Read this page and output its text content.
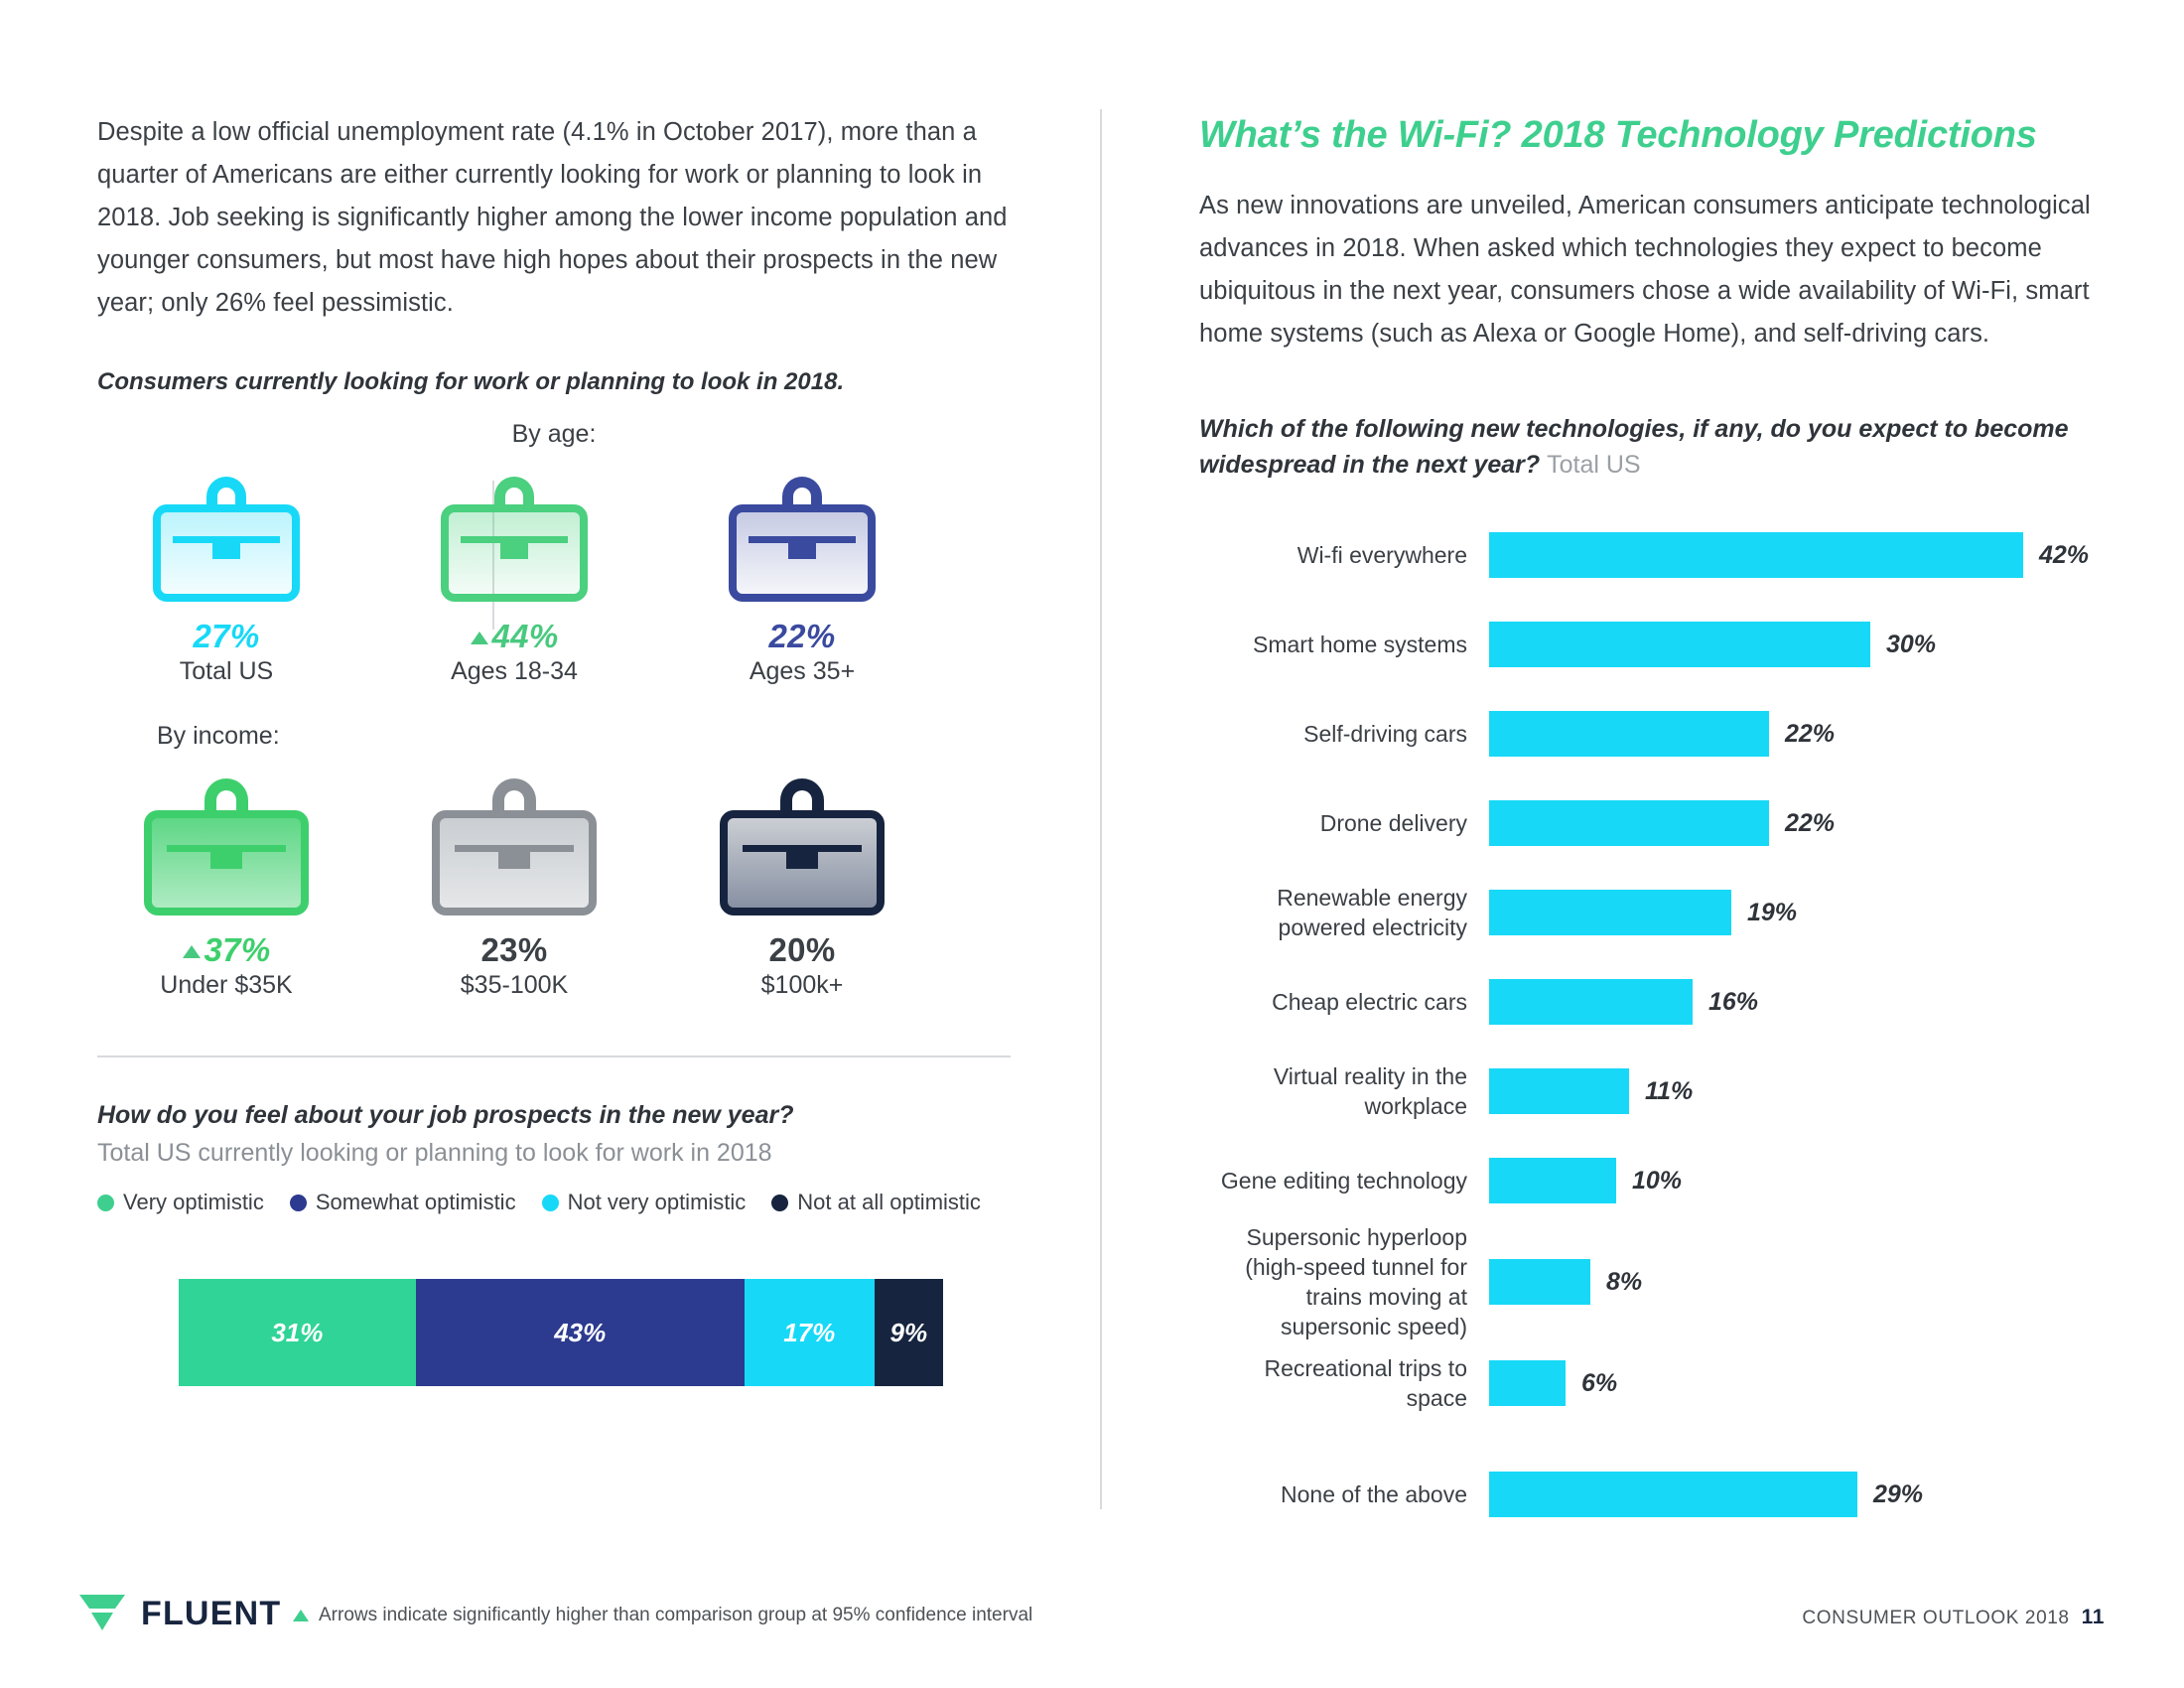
Despite a low official unemployment rate (4.1% in October 2017), more than a quarter of Americans are either currently looking for work or planning to look in 2018. Job seeking is significantly higher among the lower income population and younger consumers, but most have high hopes about their prospects in the new year; only 26% feel pessimistic.
Consumers currently looking for work or planning to look in 2018.
By age:
27%
Total US
44%
Ages 18-34
22%
Ages 35+
By income:
37%
Under $35K
23%
$35-100K
20%
$100k+
How do you feel about your job prospects in the new year?
Total US currently looking or planning to look for work in 2018
Very optimistic Somewhat optimistic Not very optimistic Not at all optimistic
31%	43%	17%	9%
What’s the Wi-Fi? 2018 Technology Predictions
As new innovations are unveiled, American consumers anticipate technological advances in 2018. When asked which technologies they expect to become ubiquitous in the next year, consumers chose a wide availability of Wi-Fi, smart home systems (such as Alexa or Google Home), and self-driving cars.
Which of the following new technologies, if any, do you expect to become widespread in the next year? Total US
Wi-fi everywhere	42%
Smart home systems	30%
Self-driving cars	22%
Drone delivery	22%
Renewable energy powered electricity
19%
Cheap electric cars	16%
Virtual reality in the workplace
11%
Gene editing technology	10%
Supersonic hyperloop (high-speed tunnel for trains moving at supersonic speed)
8%
Recreational trips to space
6%
None of the above	29%
FLUENT Arrows indicate significantly higher than comparison group at 95% confidence interval	CONSUMER OUTLOOK 2018 11
